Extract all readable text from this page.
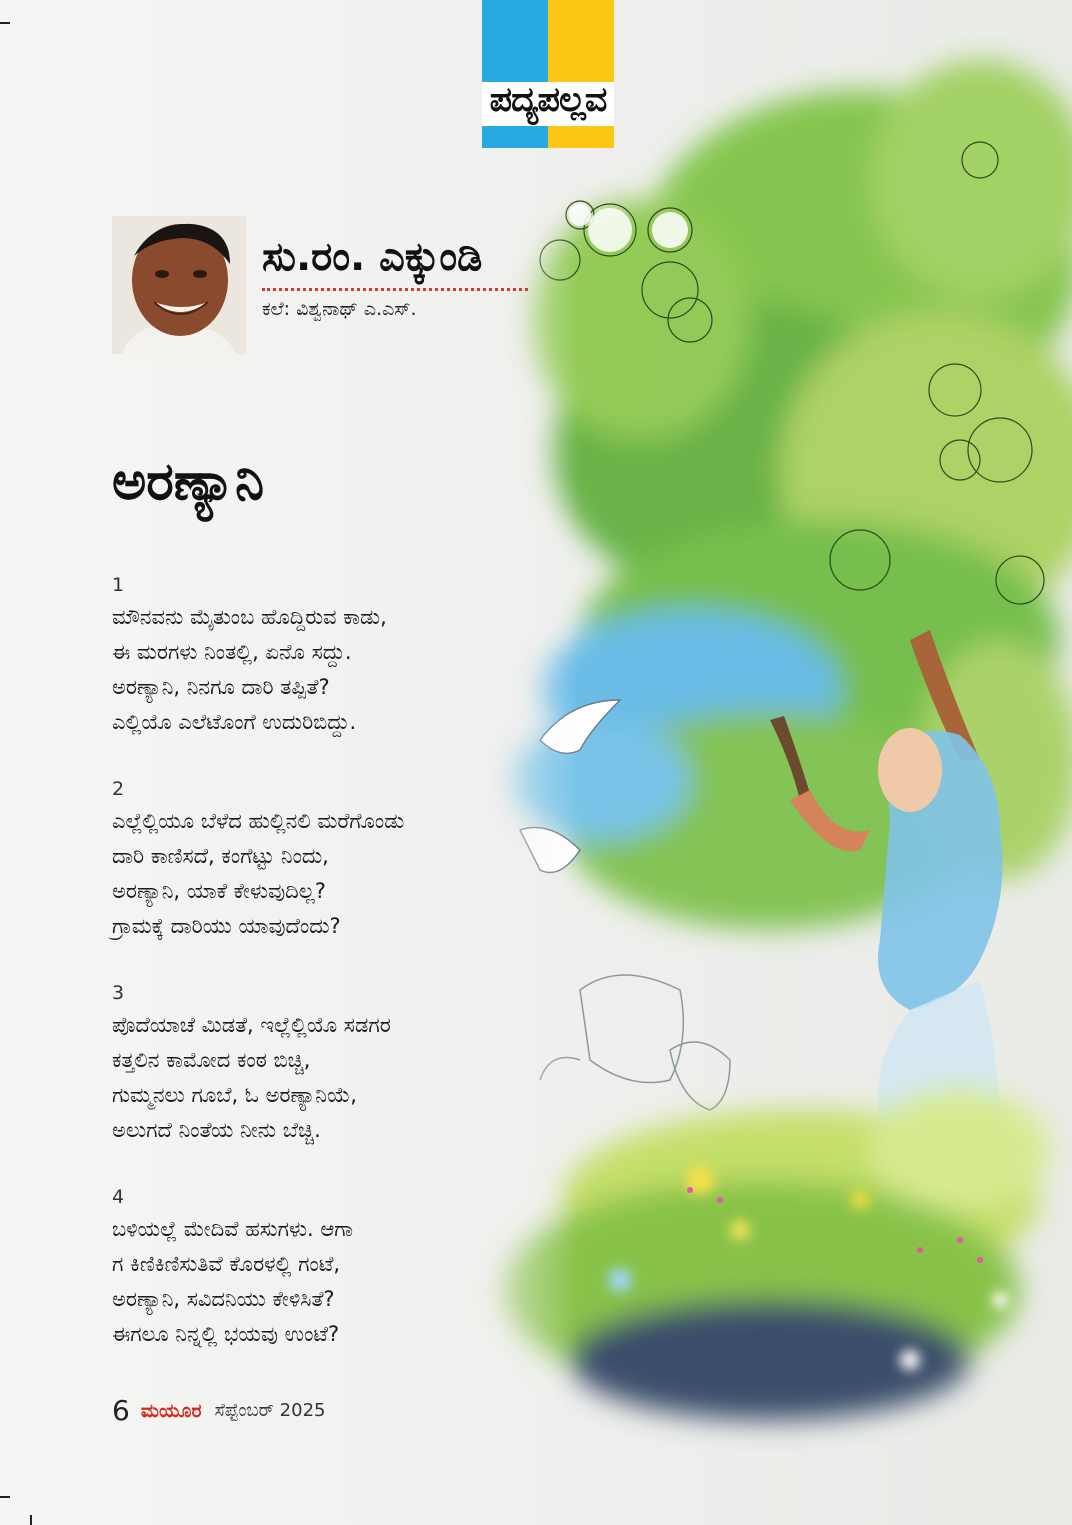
ಪದ್ಯಪಲ್ಲವ
ಸು.ರಂ. ಎಕ್ಕುಂಡಿ
ಕಲೆ: ವಿಶ್ವನಾಥ್ ಎ.ಎಸ್.
ಅರಣ್ಯಾನಿ
1
ಮೌನವನು ಮೈತುಂಬ ಹೊದ್ದಿರುವ ಕಾಡು,
ಈ ಮರಗಳು ನಿಂತಲ್ಲಿ, ಏನೊ ಸದ್ದು.
ಅರಣ್ಯಾನಿ, ನಿನಗೂ ದಾರಿ ತಪ್ಪಿತೆ?
ಎಲ್ಲಿಯೊ ಎಲೆಟೊಂಗೆ ಉದುರಿಬಿದ್ದು.
2
ಎಲ್ಲೆಲ್ಲಿಯೂ ಬೆಳೆದ ಹುಲ್ಲಿನಲಿ ಮರೆಗೊಂಡು
ದಾರಿ ಕಾಣಿಸದೆ, ಕಂಗೆಟ್ಟು ನಿಂದು,
ಅರಣ್ಯಾನಿ, ಯಾಕೆ ಕೇಳುವುದಿಲ್ಲ?
ಗ್ರಾಮಕ್ಕೆ ದಾರಿಯು ಯಾವುದೆಂದು?
3
ಪೊದೆಯಾಚೆ ಮಿಡತೆ, ಇಲ್ಲೆಲ್ಲಿಯೊ ಸಡಗರ
ಕತ್ತಲಿನ ಕಾಮೋದ ಕಂಠ ಬಿಚ್ಚಿ,
ಗುಮ್ಮನಲು ಗೂಬೆ, ಓ ಅರಣ್ಯಾನಿಯೆ,
ಅಲುಗದೆ ನಿಂತೆಯ ನೀನು ಬೆಚ್ಚಿ.
4
ಬಳಿಯಲ್ಲೆ ಮೇದಿವೆ ಹಸುಗಳು. ಆಗಾ
ಗ ಕಿಣಿಕಿಣಿಸುತಿವೆ ಕೊರಳಲ್ಲಿ ಗಂಟೆ,
ಅರಣ್ಯಾನಿ, ಸವಿದನಿಯು ಕೇಳಿಸಿತೆ?
ಈಗಲೂ ನಿನ್ನಲ್ಲಿ ಭಯವು ಉಂಟೆ?
6 ಮಯೂರ ಸೆಪ್ಟೆಂಬರ್ 2025
